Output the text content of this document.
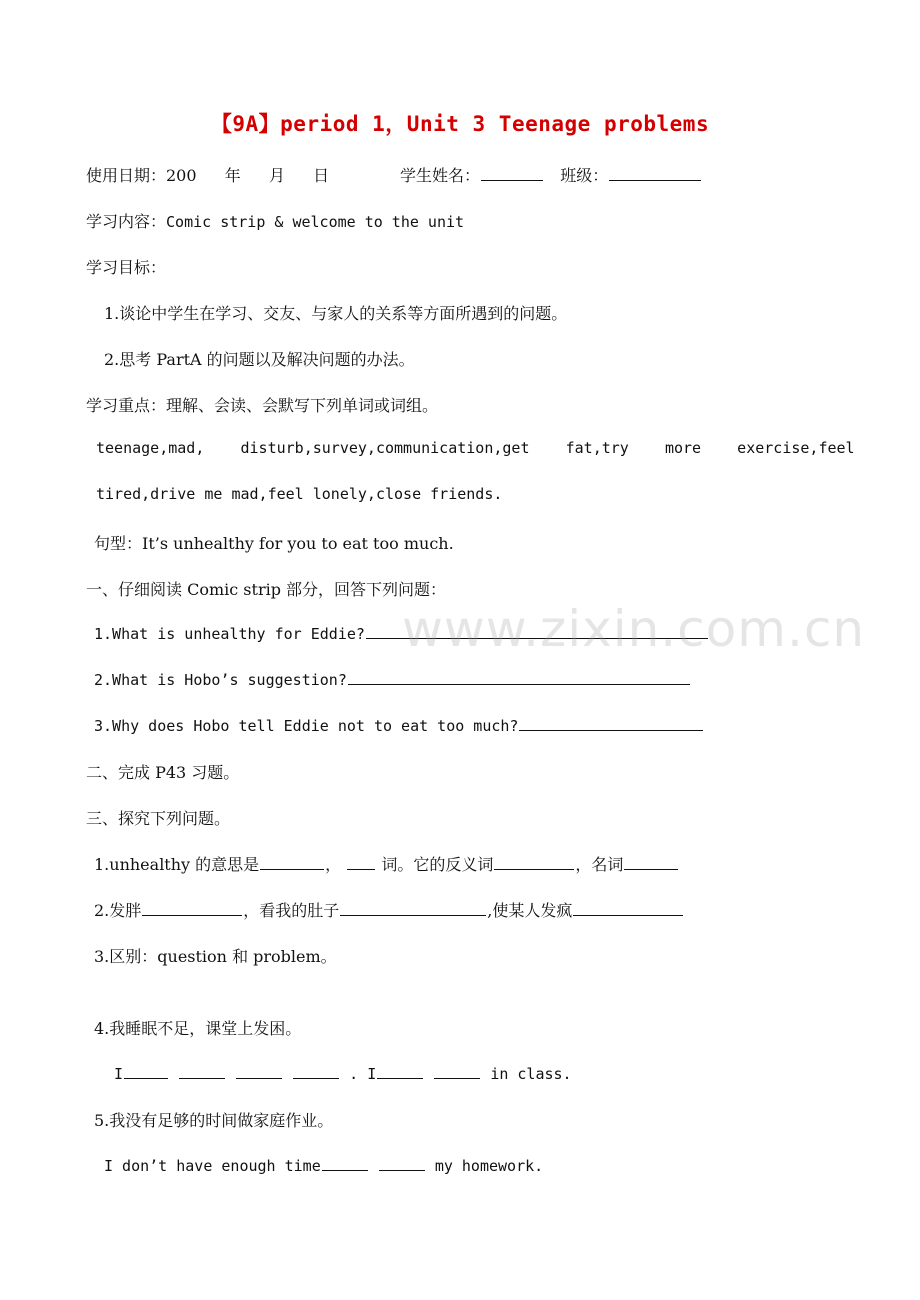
【9A】period 1，Unit 3 Teenage problems
使用日期：200 年 月 日	学生姓名：	班级：
学习内容：Comic strip & welcome to the unit
学习目标：
1.谈论中学生在学习、交友、与家人的关系等方面所遇到的问题。
2.思考 PartA 的问题以及解决问题的办法。
学习重点：理解、会读、会默写下列单词或词组。
teenage,mad,    disturb,survey,communication,get    fat,try    more    exercise,feel
tired,drive me mad,feel lonely,close friends.
句型：It’s unhealthy for you to eat too much.
一、仔细阅读 Comic strip 部分，回答下列问题：
1.What is unhealthy for Eddie?
2.What is Hobo’s suggestion?
3.Why does Hobo tell Eddie not to eat too much?
二、完成 P43 习题。
三、探究下列问题。
1.unhealthy 的意思是	，	词。它的反义词	，名词
2.发胖	，看我的肚子	,使某人发疯
3.区别：question 和 problem。
4.我睡眠不足，课堂上发困。
I	. I	in class.
5.我没有足够的时间做家庭作业。
I don’t have enough time	my homework.
www.zixin.com.cn
